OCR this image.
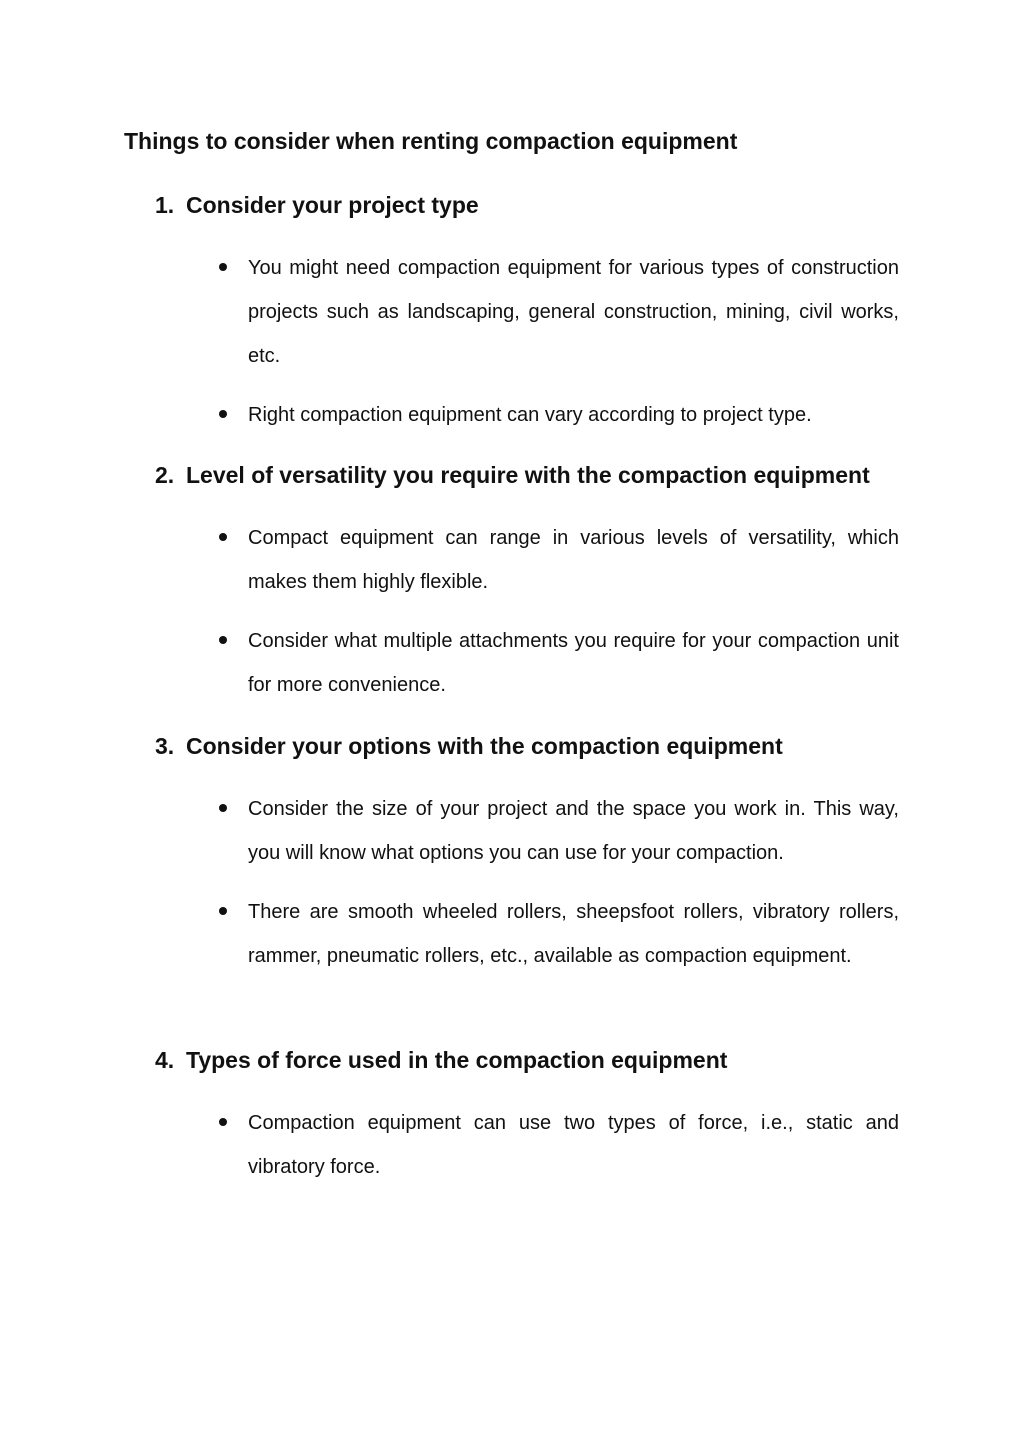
Things to consider when renting compaction equipment
1. Consider your project type
You might need compaction equipment for various types of construction projects such as landscaping, general construction, mining, civil works, etc.
Right compaction equipment can vary according to project type.
2. Level of versatility you require with the compaction equipment
Compact equipment can range in various levels of versatility, which makes them highly flexible.
Consider what multiple attachments you require for your compaction unit for more convenience.
3. Consider your options with the compaction equipment
Consider the size of your project and the space you work in. This way, you will know what options you can use for your compaction.
There are smooth wheeled rollers, sheepsfoot rollers, vibratory rollers, rammer, pneumatic rollers, etc., available as compaction equipment.
4. Types of force used in the compaction equipment
Compaction equipment can use two types of force, i.e., static and vibratory force.
